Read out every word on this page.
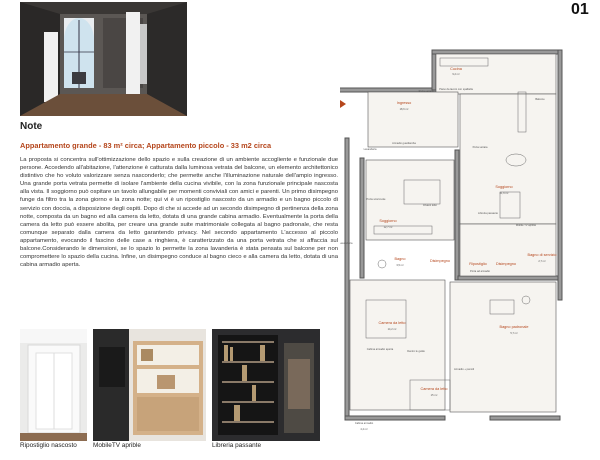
Note
Appartamento grande - 83 m² circa; Appartamento piccolo - 33 m2 circa
La proposta si concentra sull'ottimizzazione dello spazio e sulla creazione di un ambiente accogliente e funzionale due persone. Accedendo all'abitazione, l'attenzione è catturata dalla luminosa vetrata del balcone, un elemento architettonico distintivo che ho voluto valorizzare senza nasconderlo; che permette anche l'illuminazione naturale dell'ampio ingresso. Una grande porta vetrata permette di isolare l'ambiente della cucina vivibile, con la zona funzionale principale nascosta alla vista. Il soggiorno può ospitare un tavolo allungabile per momenti conviviali con amici e parenti. Un primo disimpegno funge da filtro tra la zona giorno e la zona notte; qui vi è un ripostiglio nascosto da un armadio e un bagno piccolo di servizio con doccia, a disposizione degli ospiti. Dopo di che si accede ad un secondo disimpegno di pertinenza della zona notte, composta da un bagno ed alla camera da letto, dotata di una grande cabina armadio. Eventualmente la porta della camera da letto può essere abolita, per creare una grande suite matrimoniale collegata al bagno padronale, che resta comunque separato dalla camera da letto garantendo privacy. Nel secondo appartamento L'accesso al piccolo appartamento, evocando il fascino delle case a ringhiera, è caratterizzato da una porta vetrata che si affaccia sul balcone.Considerando le dimensioni, se lo spazio lo permette la zona lavanderia è stata pensata sul balcone per non compromettere lo spazio della cucina. Infine, un disimpegno conduce al bagno cieco e alla camera da letto, dotata di una cabina armadio aperta.
Ripostiglio nascosto	MobileTV aprible	Libreria passante
01
Cucina
9,2 m²
Piano da lavoro con spalliella
Porta vetrata
Balcone
Ingresso
18,6 m²
Armadio guardaroba
Lavanderia
Porta vetrata
Soggiorno
21,6 m²
Libreria passante
Mobile TV aprible
Soggiorno
12,7 m²
Divano letto
Porta scorrevole
Lavanderia
Bagno
3,5 m²
Disimpegno
Ripostiglio Disimpegno
Porta ad armadio
Bagno di servizio
2,7 m²
Camera da letto
14,2 m²
Cabina armadio aperta
Dentro le guide
Bagno padronale
5,7 m²
Armadio + pensili
Camera da letto
15 m²
Cabina armadio
4,4 m²
